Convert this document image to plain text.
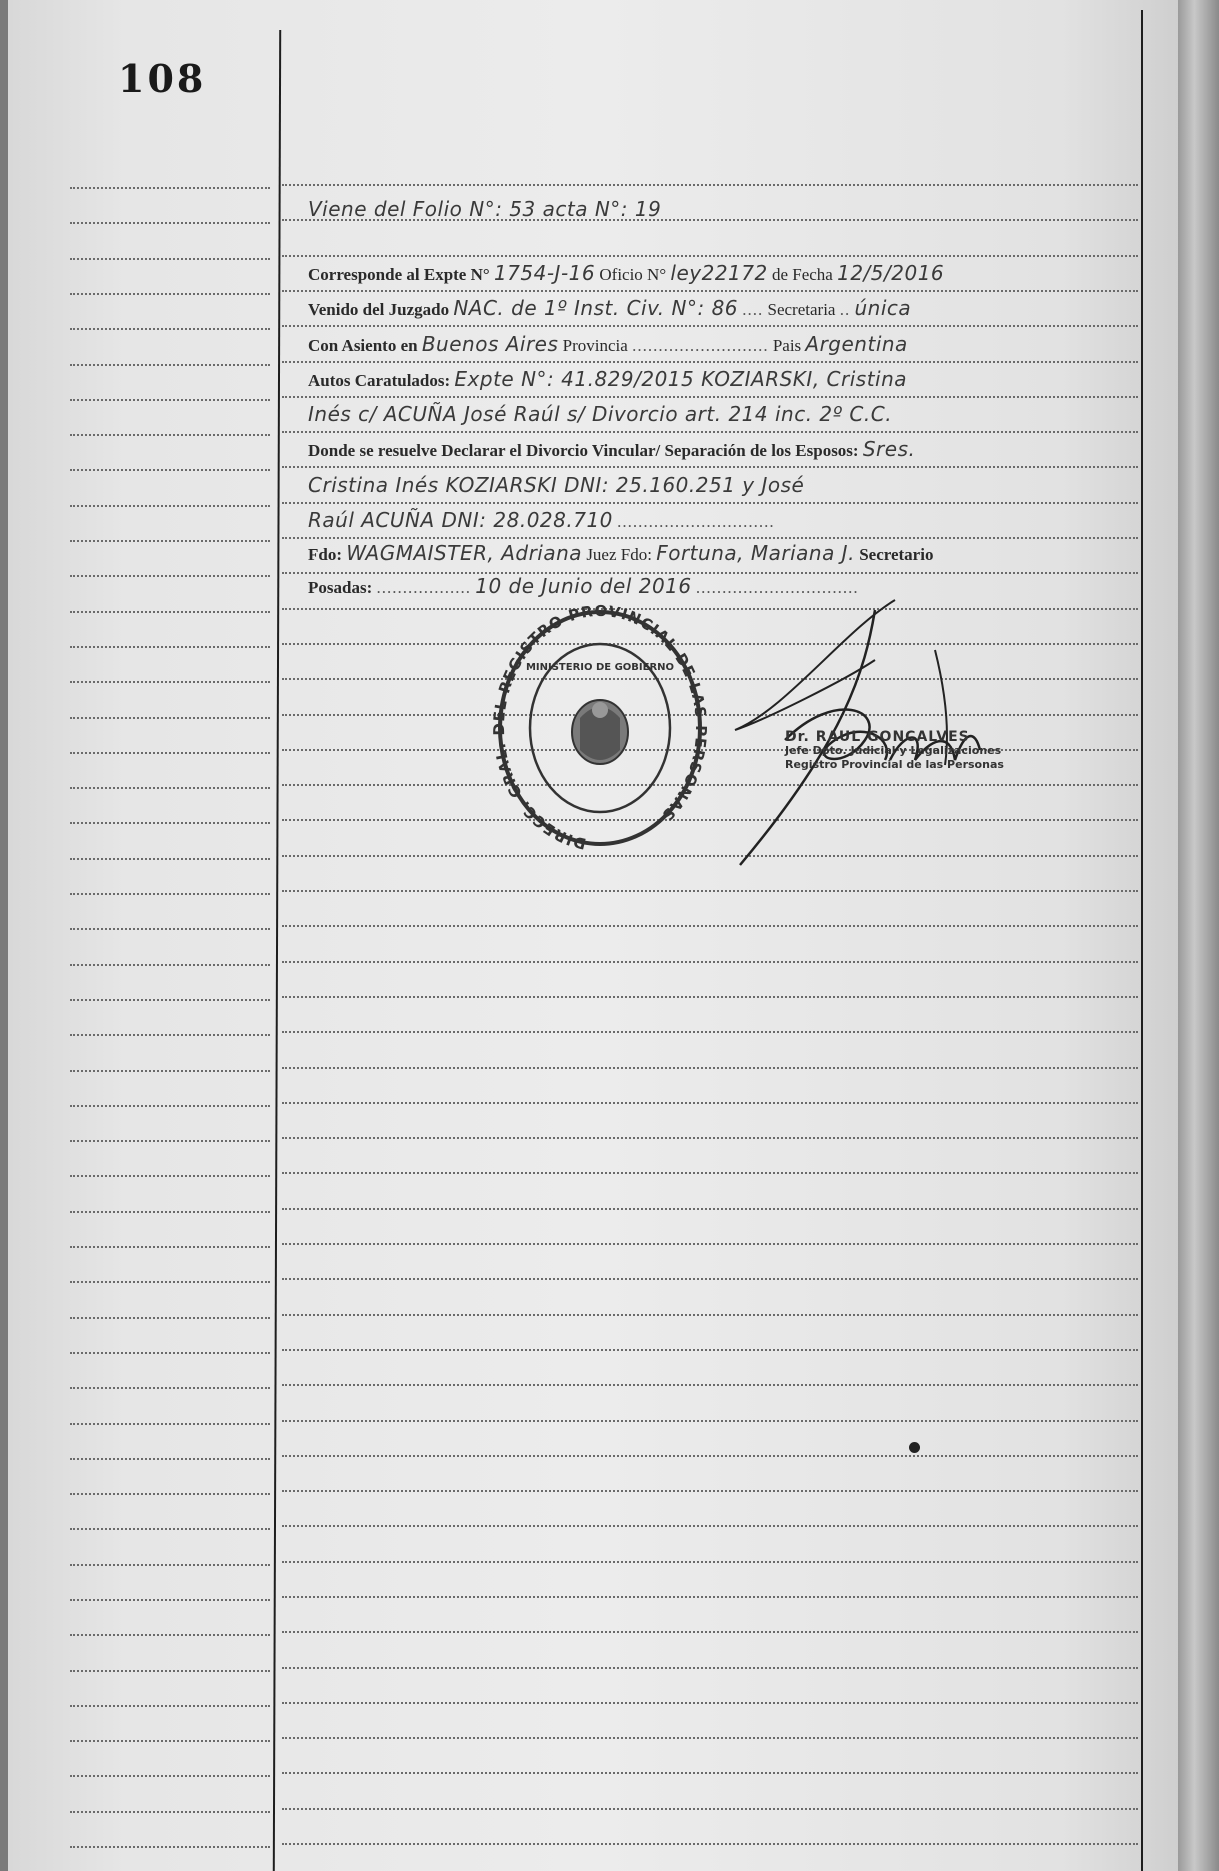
108
Viene del Folio N°: 53 acta N°: 19
Corresponde al Expte N° 1754-J-16 Oficio N° ley22172 de Fecha 12/5/2016
Venido del Juzgado NAC. de 1º Inst. Civ. N°: 86 .... Secretaria .. única
Con Asiento en Buenos Aires Provincia .......................... Pais Argentina
Autos Caratulados: Expte N°: 41.829/2015 KOZIARSKI, Cristina
Inés c/ ACUÑA José Raúl s/ Divorcio art. 214 inc. 2º C.C.
Donde se resuelve Declarar el Divorcio Vincular/ Separación de los Esposos: Sres.
Cristina Inés KOZIARSKI DNI: 25.160.251 y José
Raúl ACUÑA DNI: 28.028.710 ..............................
Fdo: WAGMAISTER, Adriana Juez Fdo: Fortuna, Mariana J. Secretario
Posadas: .................. 10 de Junio del 2016 ...............................
DIRECC. GRAL. DEL REGISTRO PROVINCIAL DE LAS PERSONAS
MINISTERIO DE GOBIERNO
Dr. RAUL GONCALVES
Jefe Dpto. Judicial y Legalizaciones
Registro Provincial de las Personas
